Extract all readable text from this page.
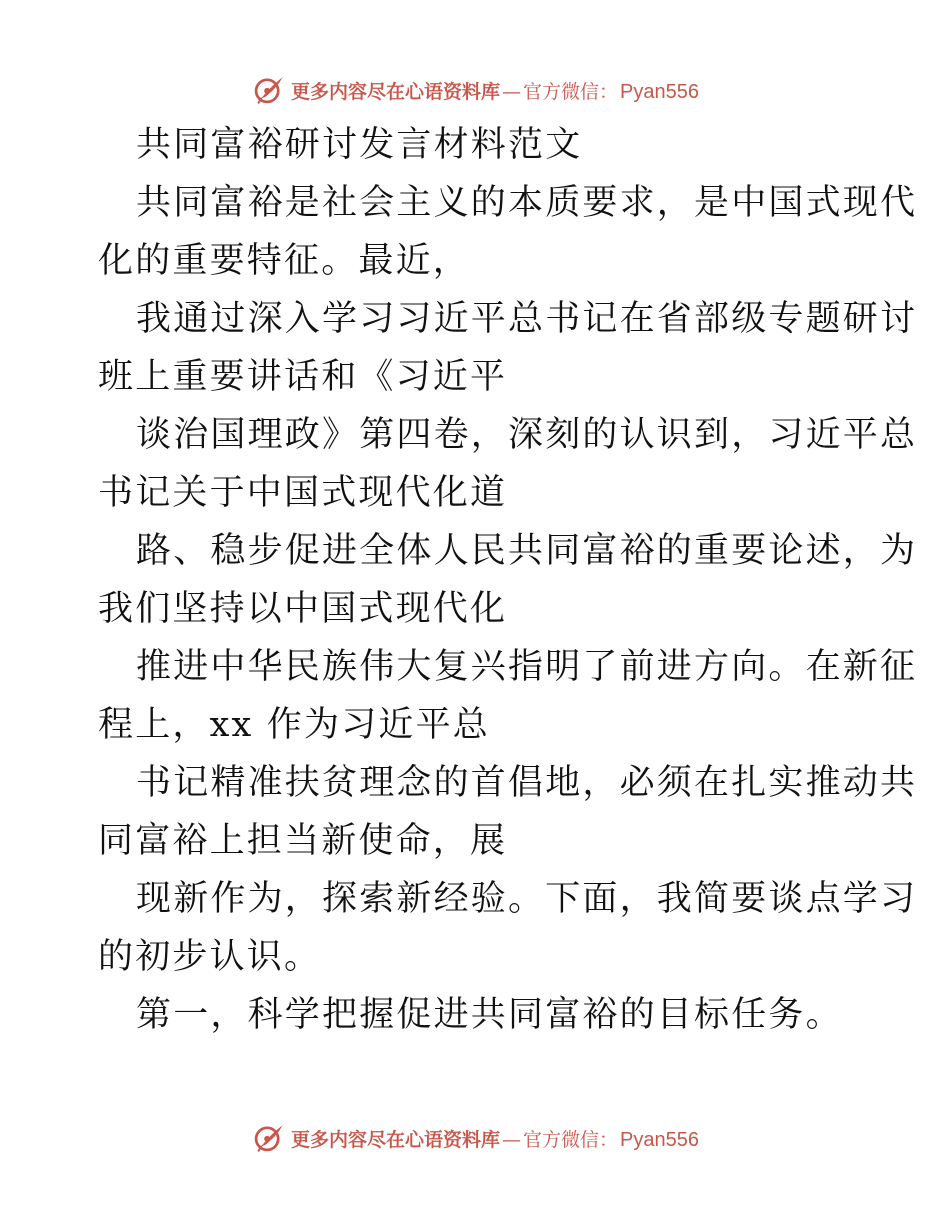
更多内容尽在心语资料库 — 官方微信： Pyan556
共同富裕研讨发言材料范文
共同富裕是社会主义的本质要求，是中国式现代
化的重要特征。最近，
我通过深入学习习近平总书记在省部级专题研讨
班上重要讲话和《习近平
谈治国理政》第四卷，深刻的认识到，习近平总
书记关于中国式现代化道
路、稳步促进全体人民共同富裕的重要论述，为
我们坚持以中国式现代化
推进中华民族伟大复兴指明了前进方向。在新征
程上，xx 作为习近平总
书记精准扶贫理念的首倡地，必须在扎实推动共
同富裕上担当新使命，展
现新作为，探索新经验。下面，我简要谈点学习
的初步认识。
第一，科学把握促进共同富裕的目标任务。
更多内容尽在心语资料库 — 官方微信： Pyan556
